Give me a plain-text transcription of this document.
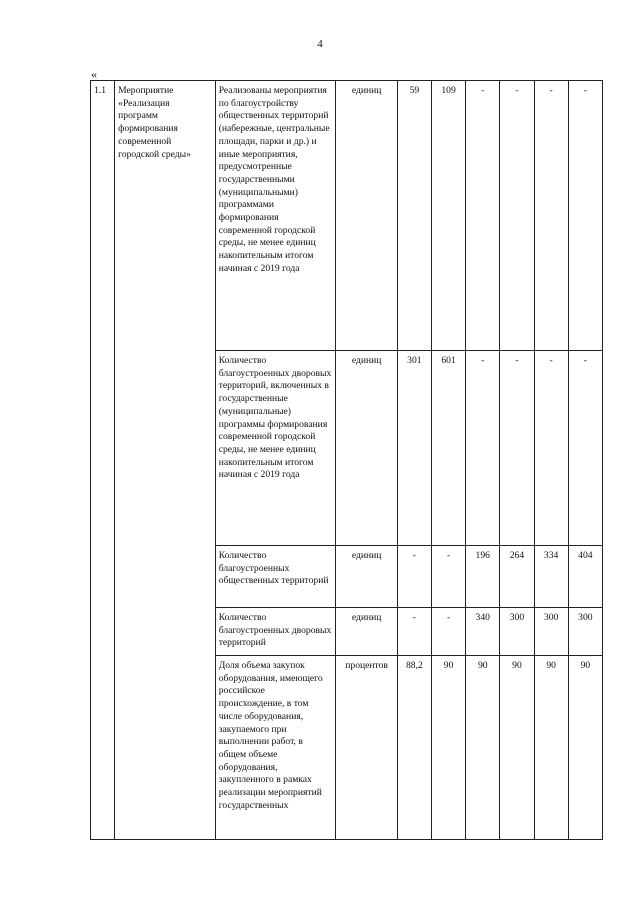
4
«
1.1	Мероприятие «Реализация программ формирования современной городской среды»	Реализованы мероприятия по благоустройству общественных территорий (набережные, центральные площади, парки и др.) и иные мероприятия, предусмотренные государственными (муниципальными) программами формирования современной городской среды, не менее единиц накопительным итогом начиная с 2019 года	единиц	59	109	-	-	-	-
		Количество благоустроенных дворовых территорий, включенных в государственные (муниципальные) программы формирования современной городской среды, не менее единиц накопительным итогом начиная с 2019 года	единиц	301	601	-	-	-	-
		Количество благоустроенных общественных территорий	единиц	-	-	196	264	334	404
		Количество благоустроенных дворовых территорий	единиц	-	-	340	300	300	300
		Доля объема закупок оборудования, имеющего российское происхождение, в том числе оборудования, закупаемого при выполнении работ, в общем объеме оборудования, закупленного в рамках реализации мероприятий государственных	процентов	88,2	90	90	90	90	90
